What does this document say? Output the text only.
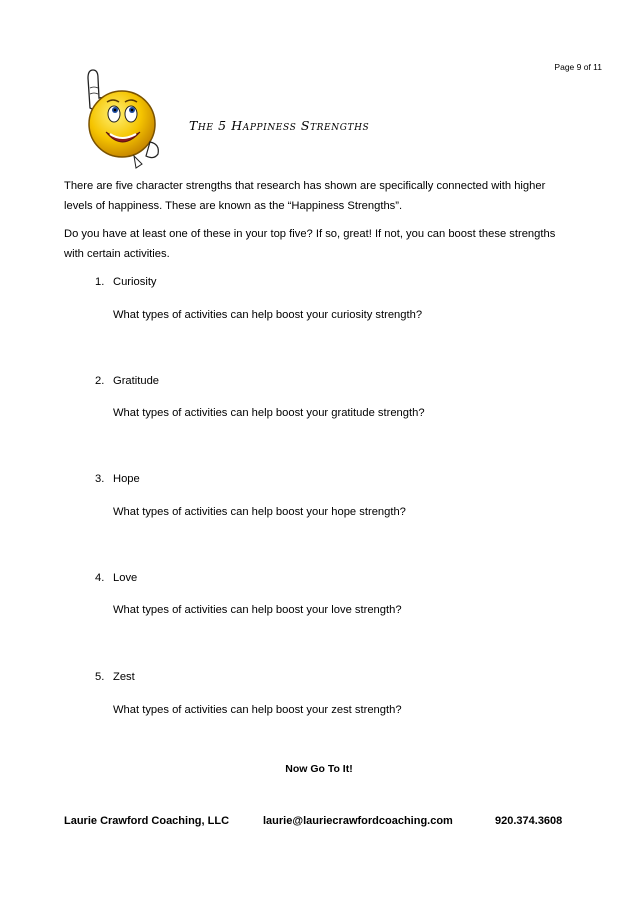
Page 9 of 11
The 5 Happiness Strengths
There are five character strengths that research has shown are specifically connected with higher levels of happiness. These are known as the “Happiness Strengths”.
Do you have at least one of these in your top five? If so, great! If not, you can boost these strengths with certain activities.
1. Curiosity
What types of activities can help boost your curiosity strength?
2. Gratitude
What types of activities can help boost your gratitude strength?
3. Hope
What types of activities can help boost your hope strength?
4. Love
What types of activities can help boost your love strength?
5. Zest
What types of activities can help boost your zest strength?
Now Go To It!
Laurie Crawford Coaching, LLC	laurie@lauriecrawfordcoaching.com	920.374.3608
